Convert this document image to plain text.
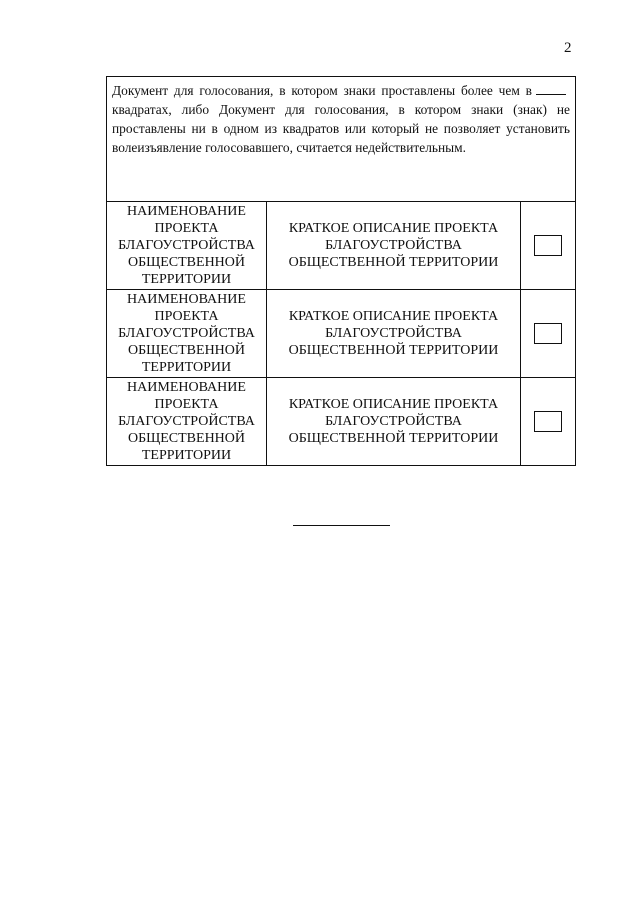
2
Документ для голосования, в котором знаки проставлены более чем вквадратах, либо Документ для голосования, в котором знаки (знак) не проставлены ни в одном из квадратов или который не позволяет установить волеизъявление голосовавшего, считается недействительным.
НАИМЕНОВАНИЕ ПРОЕКТА БЛАГОУСТРОЙСТВА ОБЩЕСТВЕННОЙ ТЕРРИТОРИИ
КРАТКОЕ ОПИСАНИЕ ПРОЕКТА БЛАГОУСТРОЙСТВА ОБЩЕСТВЕННОЙ ТЕРРИТОРИИ
НАИМЕНОВАНИЕ ПРОЕКТА БЛАГОУСТРОЙСТВА ОБЩЕСТВЕННОЙ ТЕРРИТОРИИ
КРАТКОЕ ОПИСАНИЕ ПРОЕКТА БЛАГОУСТРОЙСТВА ОБЩЕСТВЕННОЙ ТЕРРИТОРИИ
НАИМЕНОВАНИЕ ПРОЕКТА БЛАГОУСТРОЙСТВА ОБЩЕСТВЕННОЙ ТЕРРИТОРИИ
КРАТКОЕ ОПИСАНИЕ ПРОЕКТА БЛАГОУСТРОЙСТВА ОБЩЕСТВЕННОЙ ТЕРРИТОРИИ
